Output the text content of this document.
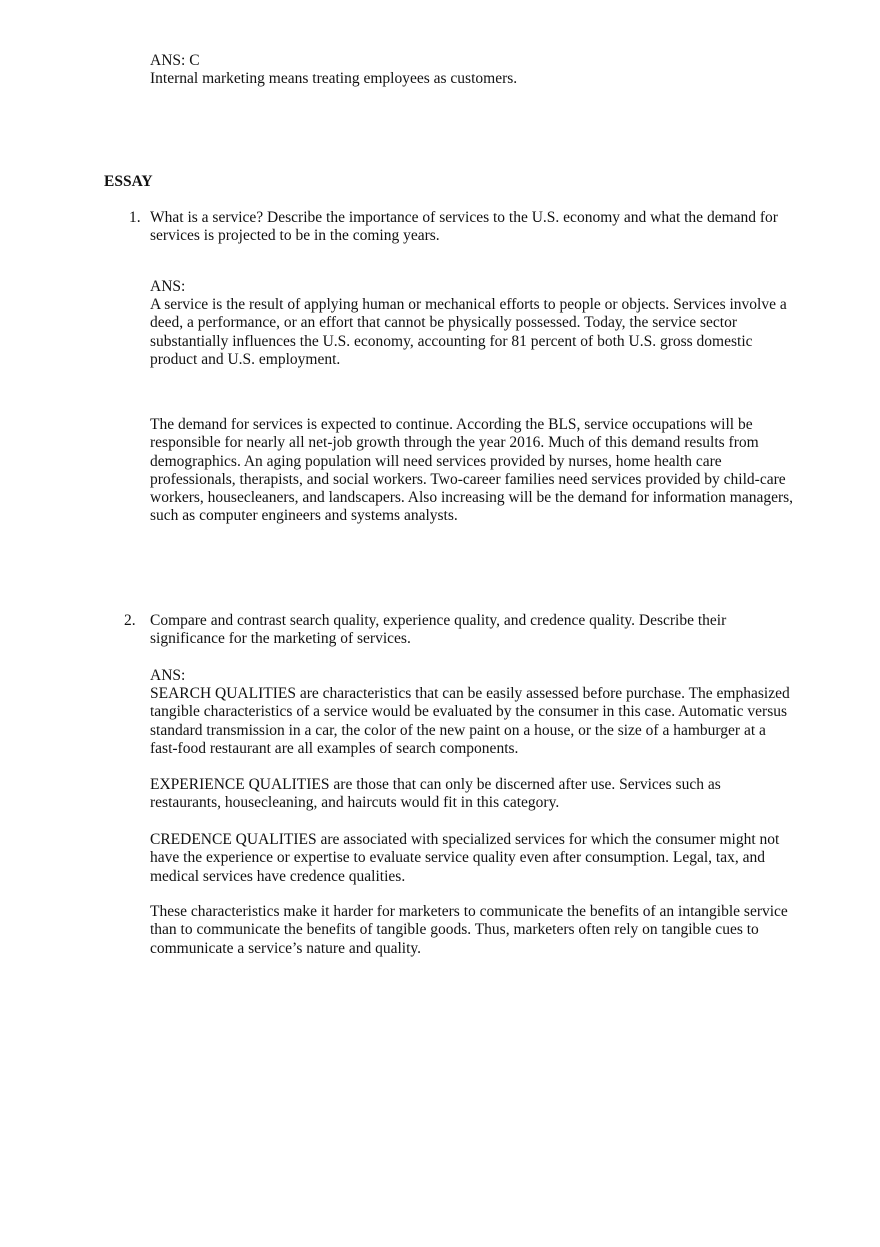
ANS: C
Internal marketing means treating employees as customers.
ESSAY
1. What is a service? Describe the importance of services to the U.S. economy and what the demand for
services is projected to be in the coming years.
ANS:
A service is the result of applying human or mechanical efforts to people or objects. Services involve a
deed, a performance, or an effort that cannot be physically possessed. Today, the service sector
substantially influences the U.S. economy, accounting for 81 percent of both U.S. gross domestic
product and U.S. employment.
The demand for services is expected to continue. According the BLS, service occupations will be
responsible for nearly all net-job growth through the year 2016. Much of this demand results from
demographics. An aging population will need services provided by nurses, home health care
professionals, therapists, and social workers. Two-career families need services provided by child-care
workers, housecleaners, and landscapers. Also increasing will be the demand for information managers,
such as computer engineers and systems analysts.
2. Compare and contrast search quality, experience quality, and credence quality. Describe their
significance for the marketing of services.
ANS:
SEARCH QUALITIES are characteristics that can be easily assessed before purchase. The emphasized
tangible characteristics of a service would be evaluated by the consumer in this case. Automatic versus
standard transmission in a car, the color of the new paint on a house, or the size of a hamburger at a
fast-food restaurant are all examples of search components.
EXPERIENCE QUALITIES are those that can only be discerned after use. Services such as
restaurants, housecleaning, and haircuts would fit in this category.
CREDENCE QUALITIES are associated with specialized services for which the consumer might not
have the experience or expertise to evaluate service quality even after consumption. Legal, tax, and
medical services have credence qualities.
These characteristics make it harder for marketers to communicate the benefits of an intangible service
than to communicate the benefits of tangible goods. Thus, marketers often rely on tangible cues to
communicate a service’s nature and quality.
